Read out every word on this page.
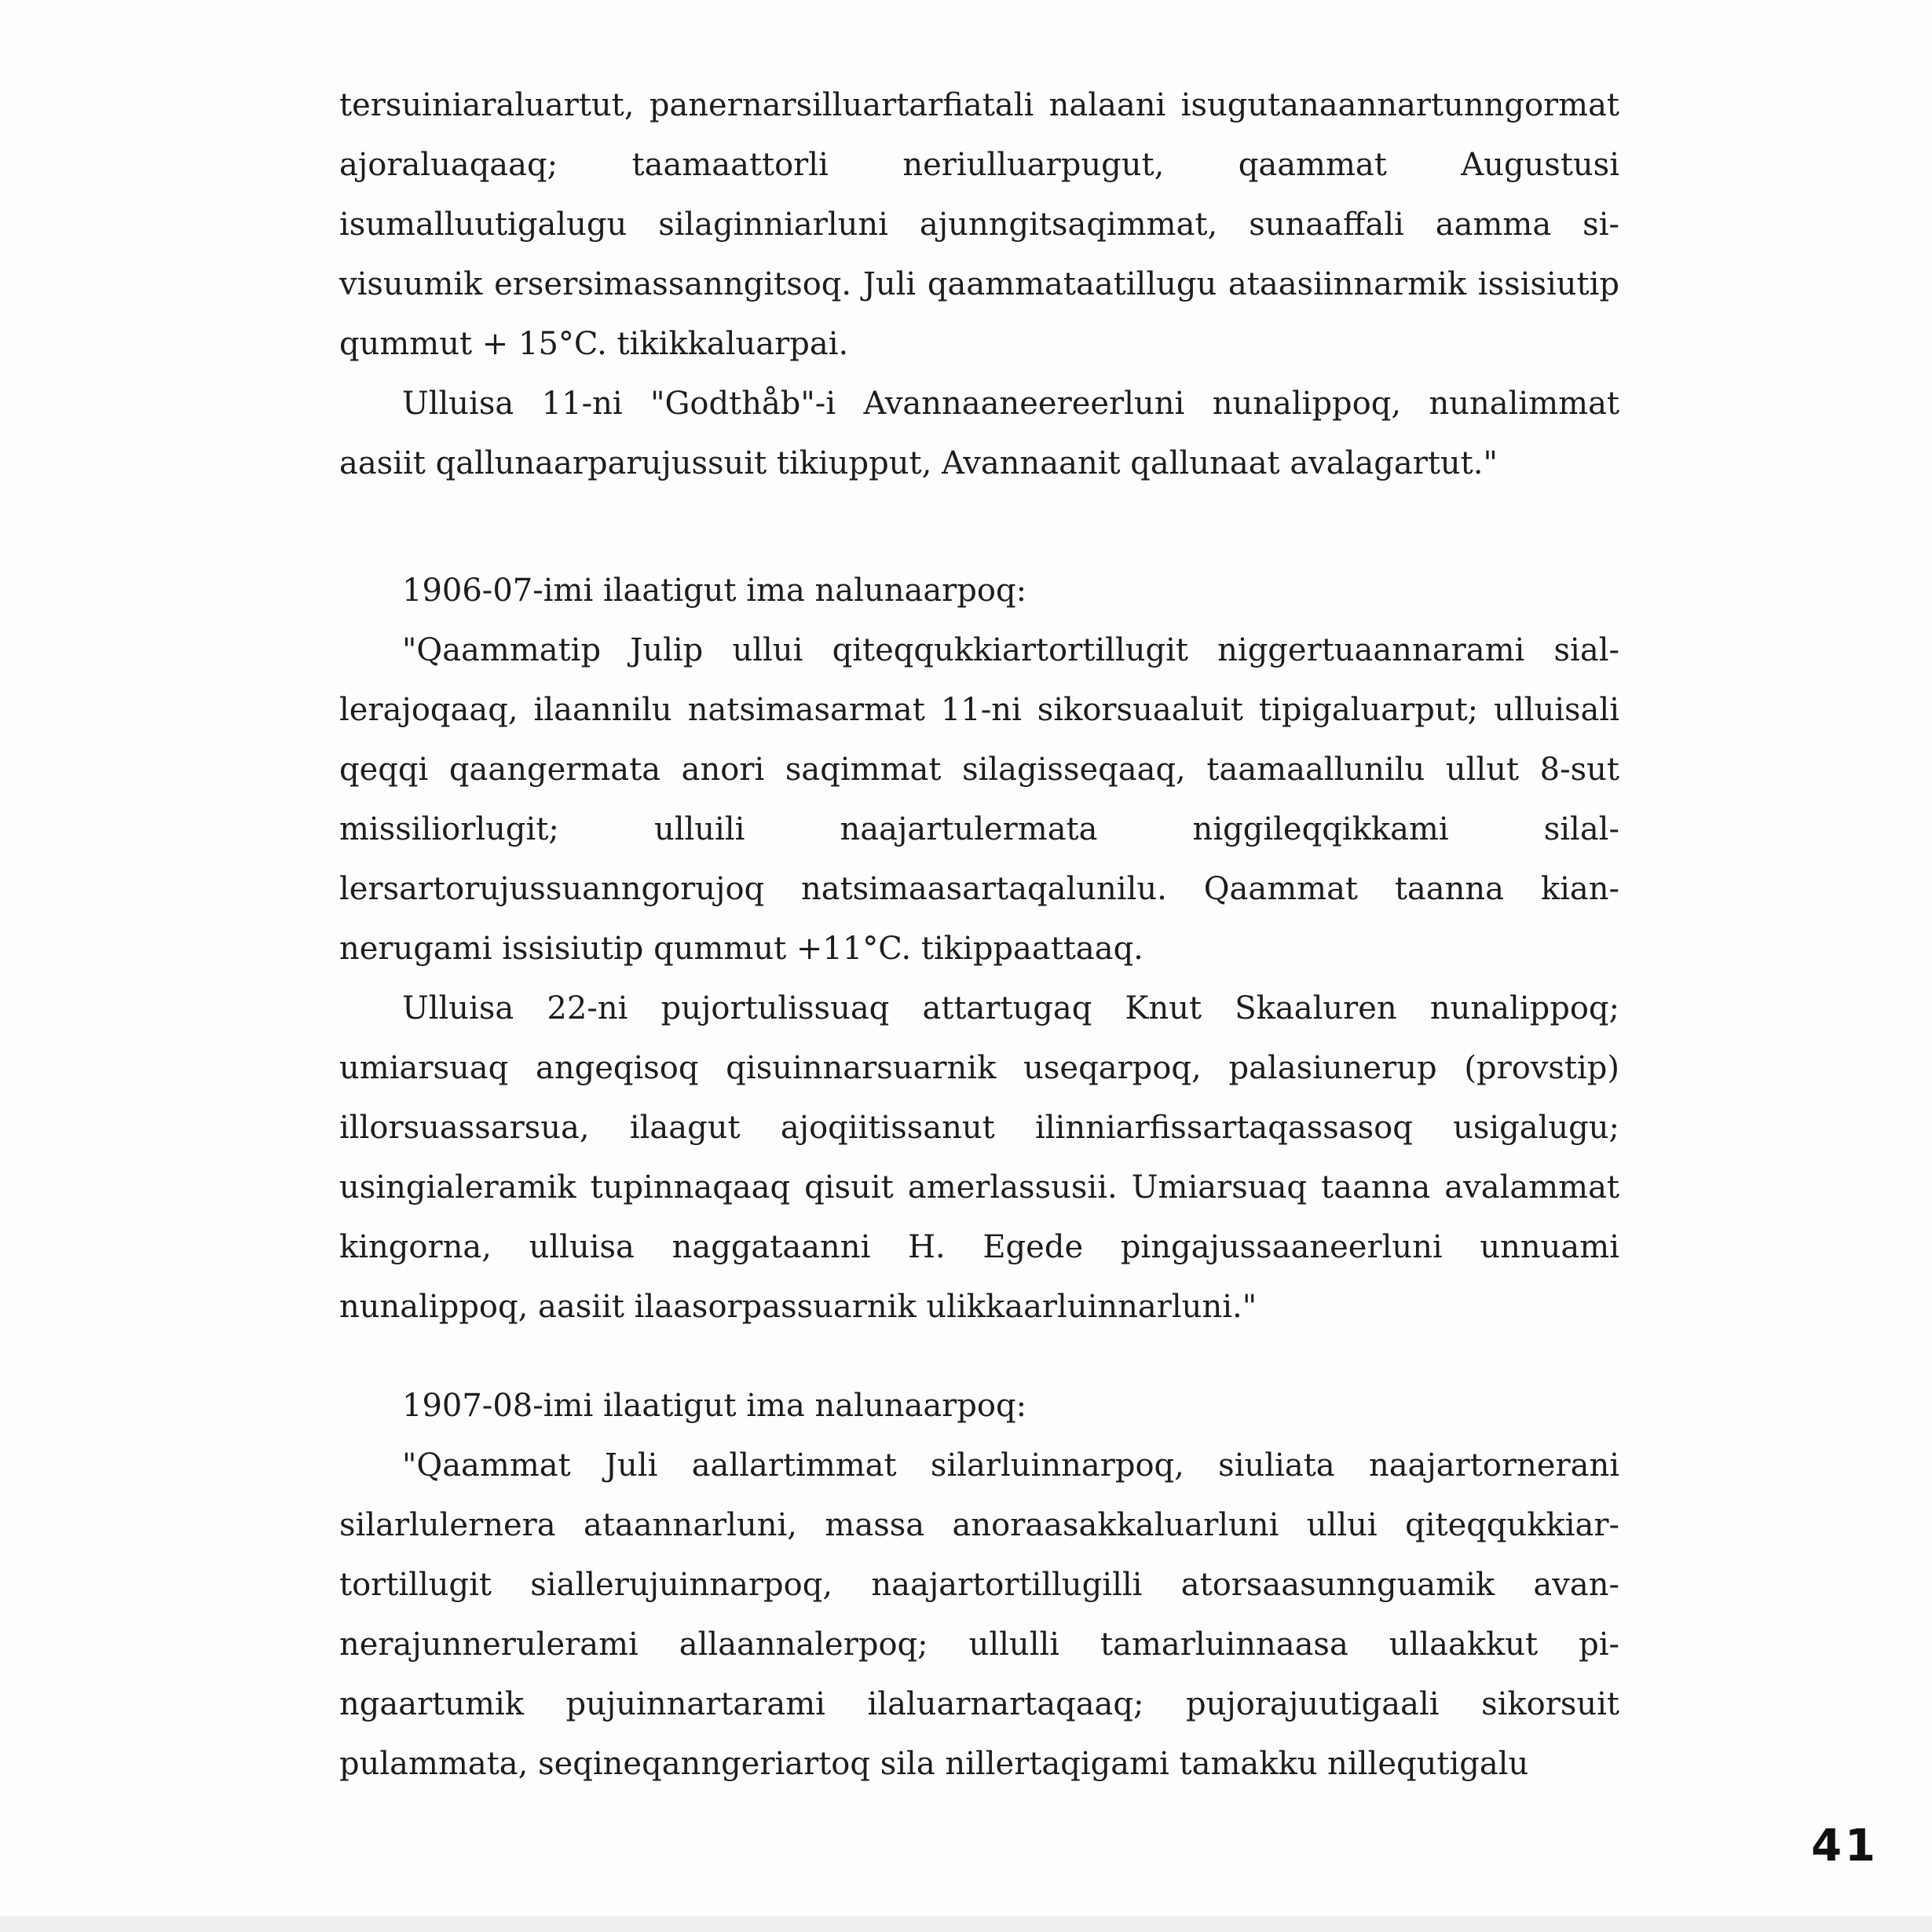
tersuiniaraluartut, panernarsilluartarfiatali nalaani isugutanaannartunngormat ajoraluaqaaq; taamaattorli neriulluarpugut, qaammat Augustusi isumalluutigalugu silaginniarluni ajunngitsaqimmat, sunaaffali aamma sivisuumik ersersimassanngitsoq. Juli qaammataatillugu ataasiinnarmik issisiutip qummut + 15°C. tikikkaluarpai.

Ulluisa 11-ni "Godthåb"-i Avannaaneereerluni nunalippoq, nunalimmat aasiit qallunaarparujussuit tikiupput, Avannaanit qallunaat avalagartut."

1906-07-imi ilaatigut ima nalunaarpoq:

"Qaammatip Julip ullui qiteqqukkiartortillugit niggertuaannarami siallerajoqaaq, ilaannilu natsimasarmat 11-ni sikorsuaaluit tipigaluarput; ulluisali qeqqi qaangermata anori saqimmat silagisseqaaq, taamaallunilu ullut 8-sut missiliorlugit; ulluili naajartulermata niggileqqikkami silallersartorujussuanngorujoq natsimaasartaqalunilu. Qaammat taanna kiannerugami issisiutip qummut +11°C. tikippaattaaq.

Ulluisa 22-ni pujortulissuaq attartugaq Knut Skaaluren nunalippoq; umiarsuaq angeqisoq qisuinnarsuarnik useqarpoq, palasiunerup (provstip) illorsuassarsua, ilaagut ajoqiitissanut ilinniarfissartaqassasoq usigalugu; usingialeramik tupinnaqaaq qisuit amerlassusii. Umiarsuaq taanna avalammat kingorna, ulluisa naggataanni H. Egede pingajussaaneerluni unnuami nunalippoq, aasiit ilaasorpassuarnik ulikkaarluinnarluni."

1907-08-imi ilaatigut ima nalunaarpoq:

"Qaammat Juli aallartimmat silarluinnarpoq, siuliata naajartornerani silarlulernera ataannarluni, massa anoraasakkaluarluni ullui qiteqqukkiartortillugit siallerujuinnarpoq, naajartortillugilli atorsaasunnguamik avannerajunnerulerami allaannalerpoq; ullulli tamarluinnaasa ullaakkut pingaartumik pujuinnartarami ilaluarnartaqaaq; pujorajuutigaali sikorsuit pulammata, seqineqanngeriartoq sila nillertaqigami tamakku nillequtigalu

41
